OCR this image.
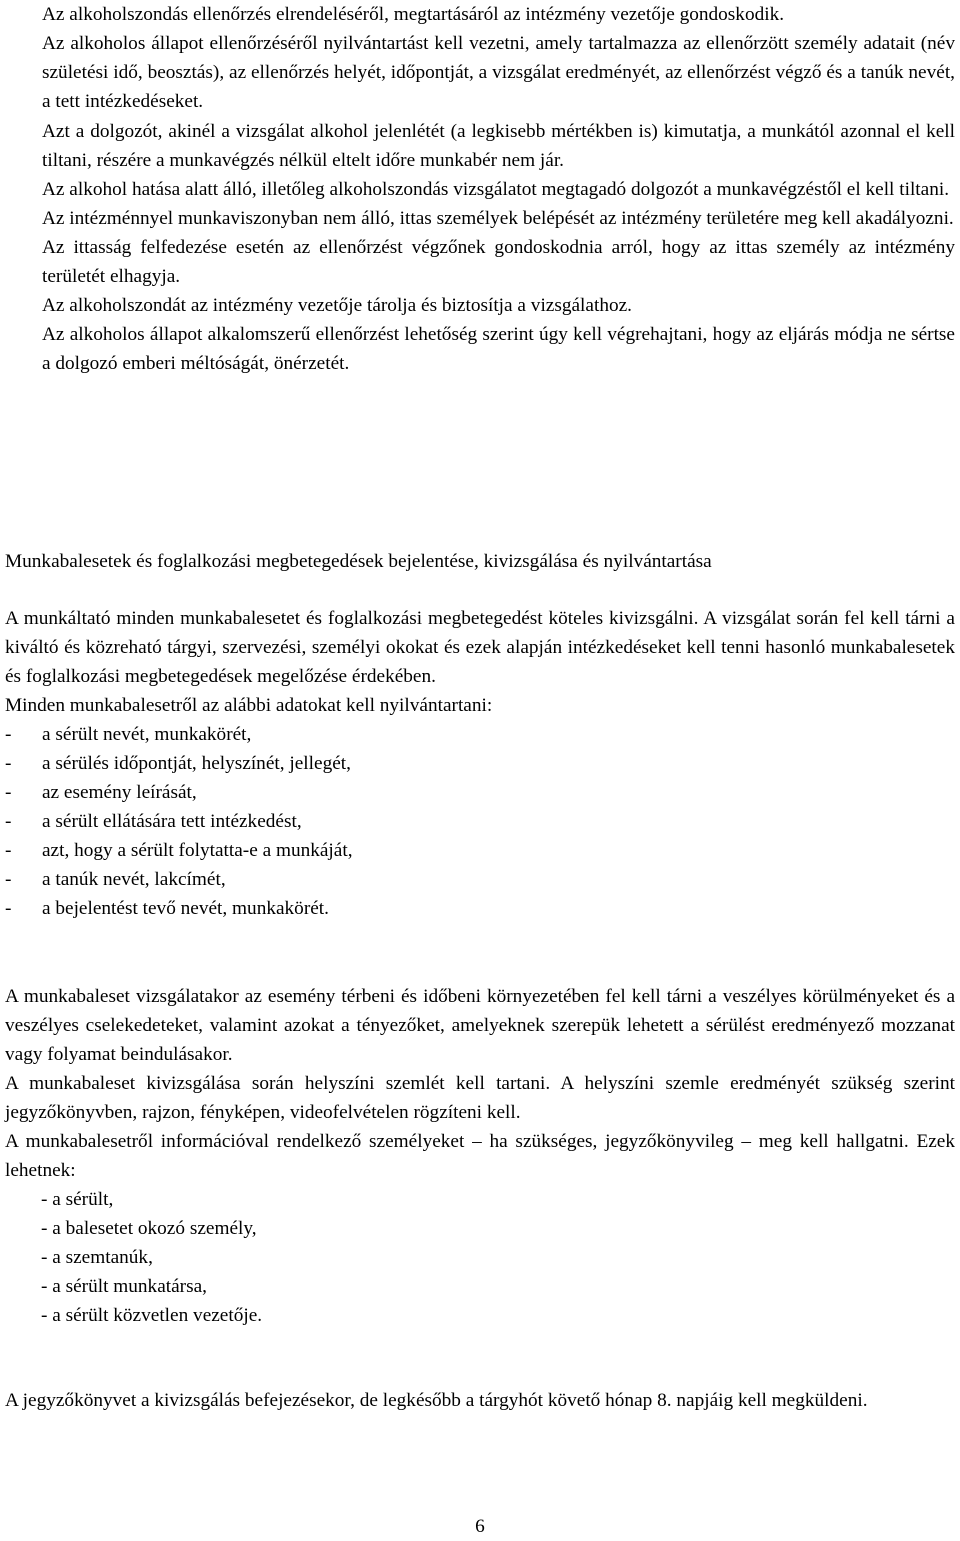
Az alkoholszondás ellenőrzés elrendeléséről, megtartásáról az intézmény vezetője gondoskodik.

Az alkoholos állapot ellenőrzéséről nyilvántartást kell vezetni, amely tartalmazza az ellenőrzött személy adatait (név születési idő, beosztás), az ellenőrzés helyét, időpontját, a vizsgálat eredményét, az ellenőrzést végző és a tanúk nevét, a tett intézkedéseket.

Azt a dolgozót, akinél a vizsgálat alkohol jelenlétét (a legkisebb mértékben is) kimutatja, a munkától azonnal el kell tiltani, részére a munkavégzés nélkül eltelt időre munkabér nem jár.

Az alkohol hatása alatt álló, illetőleg alkoholszondás vizsgálatot megtagadó dolgozót a munkavégzéstől el kell tiltani.

Az intézménnyel munkaviszonyban nem álló, ittas személyek belépését az intézmény területére meg kell akadályozni.

Az ittasság felfedezése esetén az ellenőrzést végzőnek gondoskodnia arról, hogy az ittas személy az intézmény területét elhagyja.

Az alkoholszondát az intézmény vezetője tárolja és biztosítja a vizsgálathoz.

Az alkoholos állapot alkalomszerű ellenőrzést lehetőség szerint úgy kell végrehajtani, hogy az eljárás módja ne sértse a dolgozó emberi méltóságát, önérzetét.

Munkabalesetek és foglalkozási megbetegedések bejelentése, kivizsgálása és nyilvántartása

A munkáltató minden munkabalesetet és foglalkozási megbetegedést köteles kivizsgálni. A vizsgálat során fel kell tárni a kiváltó és közreható tárgyi, szervezési, személyi okokat és ezek alapján intézkedéseket kell tenni hasonló munkabalesetek és foglalkozási megbetegedések megelőzése érdekében.

Minden munkabalesetről az alábbi adatokat kell nyilvántartani:

-	a sérült nevét, munkakörét,
-	a sérülés időpontját, helyszínét, jellegét,
-	az esemény leírását,
-	a sérült ellátására tett intézkedést,
-	azt, hogy a sérült folytatta-e a munkáját,
-	a tanúk nevét, lakcímét,
-	a bejelentést tevő nevét, munkakörét.

A munkabaleset vizsgálatakor az esemény térbeni és időbeni környezetében fel kell tárni a veszélyes körülményeket és a veszélyes cselekedeteket, valamint azokat a tényezőket, amelyeknek szerepük lehetett a sérülést eredményező mozzanat vagy folyamat beindulásakor.

A munkabaleset kivizsgálása során helyszíni szemlét kell tartani. A helyszíni szemle eredményét szükség szerint jegyzőkönyvben, rajzon, fényképen, videofelvételen rögzíteni kell.

A munkabalesetről információval rendelkező személyeket – ha szükséges, jegyzőkönyvileg – meg kell hallgatni. Ezek lehetnek:

- a sérült,
- a balesetet okozó személy,
- a szemtanúk,
- a sérült munkatársa,
- a sérült közvetlen vezetője.

A jegyzőkönyvet a kivizsgálás befejezésekor, de legkésőbb a tárgyhót követő hónap 8. napjáig kell megküldeni.

6
